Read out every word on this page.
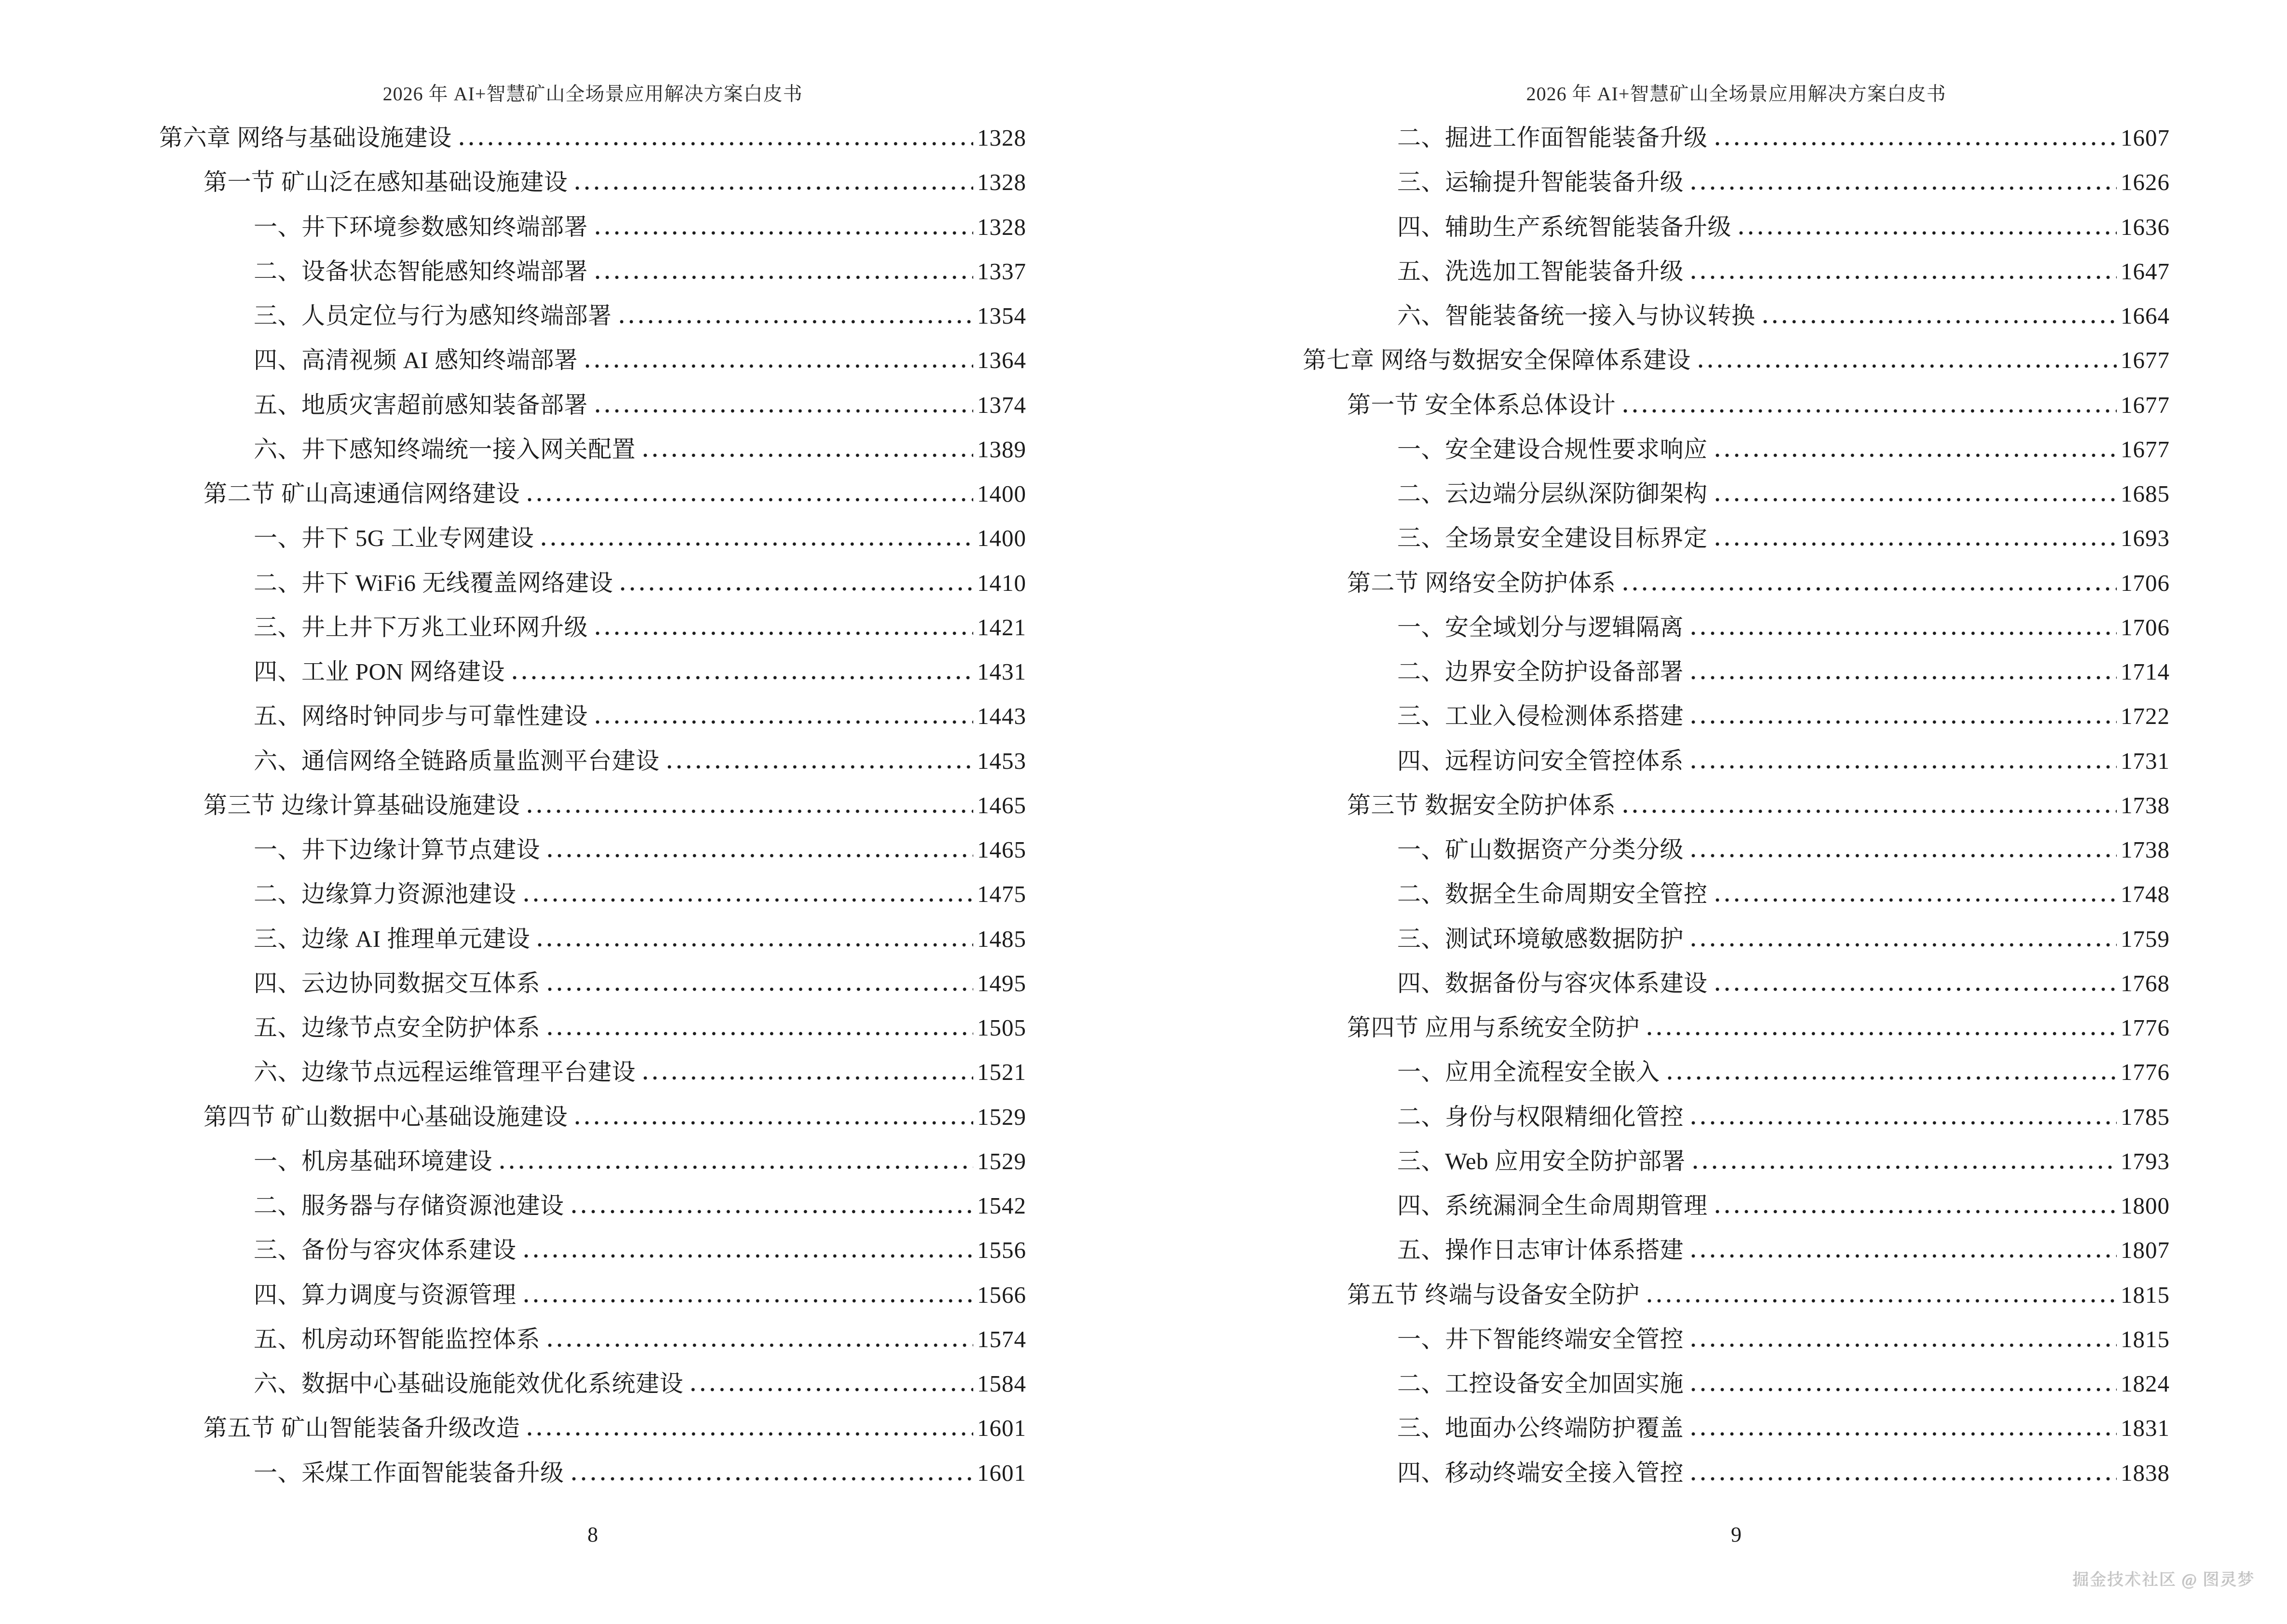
2026 年 AI+智慧矿山全场景应用解决方案白皮书
第六章 网络与基础设施建设	1328
第一节 矿山泛在感知基础设施建设	1328
一、井下环境参数感知终端部署	1328
二、设备状态智能感知终端部署	1337
三、人员定位与行为感知终端部署	1354
四、高清视频 AI 感知终端部署	1364
五、地质灾害超前感知装备部署	1374
六、井下感知终端统一接入网关配置	1389
第二节 矿山高速通信网络建设	1400
一、井下 5G 工业专网建设	1400
二、井下 WiFi6 无线覆盖网络建设	1410
三、井上井下万兆工业环网升级	1421
四、工业 PON 网络建设	1431
五、网络时钟同步与可靠性建设	1443
六、通信网络全链路质量监测平台建设	1453
第三节 边缘计算基础设施建设	1465
一、井下边缘计算节点建设	1465
二、边缘算力资源池建设	1475
三、边缘 AI 推理单元建设	1485
四、云边协同数据交互体系	1495
五、边缘节点安全防护体系	1505
六、边缘节点远程运维管理平台建设	1521
第四节 矿山数据中心基础设施建设	1529
一、机房基础环境建设	1529
二、服务器与存储资源池建设	1542
三、备份与容灾体系建设	1556
四、算力调度与资源管理	1566
五、机房动环智能监控体系	1574
六、数据中心基础设施能效优化系统建设	1584
第五节 矿山智能装备升级改造	1601
一、采煤工作面智能装备升级	1601
8
2026 年 AI+智慧矿山全场景应用解决方案白皮书
二、掘进工作面智能装备升级	1607
三、运输提升智能装备升级	1626
四、辅助生产系统智能装备升级	1636
五、洗选加工智能装备升级	1647
六、智能装备统一接入与协议转换	1664
第七章 网络与数据安全保障体系建设	1677
第一节 安全体系总体设计	1677
一、安全建设合规性要求响应	1677
二、云边端分层纵深防御架构	1685
三、全场景安全建设目标界定	1693
第二节 网络安全防护体系	1706
一、安全域划分与逻辑隔离	1706
二、边界安全防护设备部署	1714
三、工业入侵检测体系搭建	1722
四、远程访问安全管控体系	1731
第三节 数据安全防护体系	1738
一、矿山数据资产分类分级	1738
二、数据全生命周期安全管控	1748
三、测试环境敏感数据防护	1759
四、数据备份与容灾体系建设	1768
第四节 应用与系统安全防护	1776
一、应用全流程安全嵌入	1776
二、身份与权限精细化管控	1785
三、Web 应用安全防护部署	1793
四、系统漏洞全生命周期管理	1800
五、操作日志审计体系搭建	1807
第五节 终端与设备安全防护	1815
一、井下智能终端安全管控	1815
二、工控设备安全加固实施	1824
三、地面办公终端防护覆盖	1831
四、移动终端安全接入管控	1838
9
掘金技术社区 @ 图灵梦
